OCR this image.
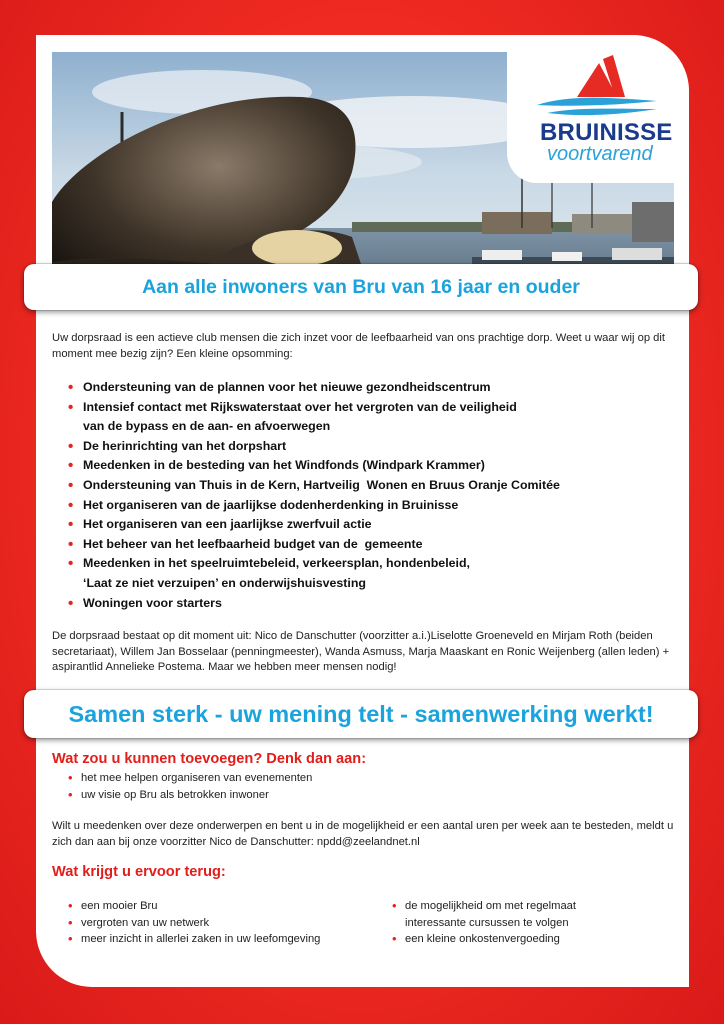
BRUINISSE
voortvarend
Uw dorpsraad is een actieve club mensen die zich inzet voor de leefbaarheid van ons prachtige dorp. Weet u waar wij op dit moment mee bezig zijn? Een kleine opsomming:
• Ondersteuning van de plannen voor het nieuwe gezondheidscentrum
• Intensief contact met Rijkswaterstaat over het vergroten van de veiligheid
van de bypass en de aan- en afvoerwegen
• De herinrichting van het dorpshart
• Meedenken in de besteding van het Windfonds (Windpark Krammer)
• Ondersteuning van Thuis in de Kern, Hartveilig  Wonen en Bruus Oranje Comitée
• Het organiseren van de jaarlijkse dodenherdenking in Bruinisse
• Het organiseren van een jaarlijkse zwerfvuil actie
• Het beheer van het leefbaarheid budget van de  gemeente
• Meedenken in het speelruimtebeleid, verkeersplan, hondenbeleid,
‘Laat ze niet verzuipen’ en onderwijshuisvesting
• Woningen voor starters
De dorpsraad bestaat op dit moment uit: Nico de Danschutter (voorzitter a.i.)Liselotte Groeneveld en Mirjam Roth (beiden secretariaat), Willem Jan Bosselaar (penningmeester), Wanda Asmuss, Marja Maaskant en Ronic Weijenberg (allen leden) + aspirantlid Annelieke Postema. Maar we hebben meer mensen nodig!
Wat zou u kunnen toevoegen? Denk dan aan:
• het mee helpen organiseren van evenementen
• uw visie op Bru als betrokken inwoner
Wilt u meedenken over deze onderwerpen en bent u in de mogelijkheid er een aantal uren per week aan te besteden, meldt u zich dan aan bij onze voorzitter Nico de Danschutter: npdd@zeelandnet.nl
Wat krijgt u ervoor terug:
• een mooier Bru
• vergroten van uw netwerk
• meer inzicht in allerlei zaken in uw leefomgeving
• de mogelijkheid om met regelmaat
interessante cursussen te volgen
• een kleine onkostenvergoeding
Aan alle inwoners van Bru van 16 jaar en ouder
Samen sterk - uw mening telt - samenwerking werkt!
